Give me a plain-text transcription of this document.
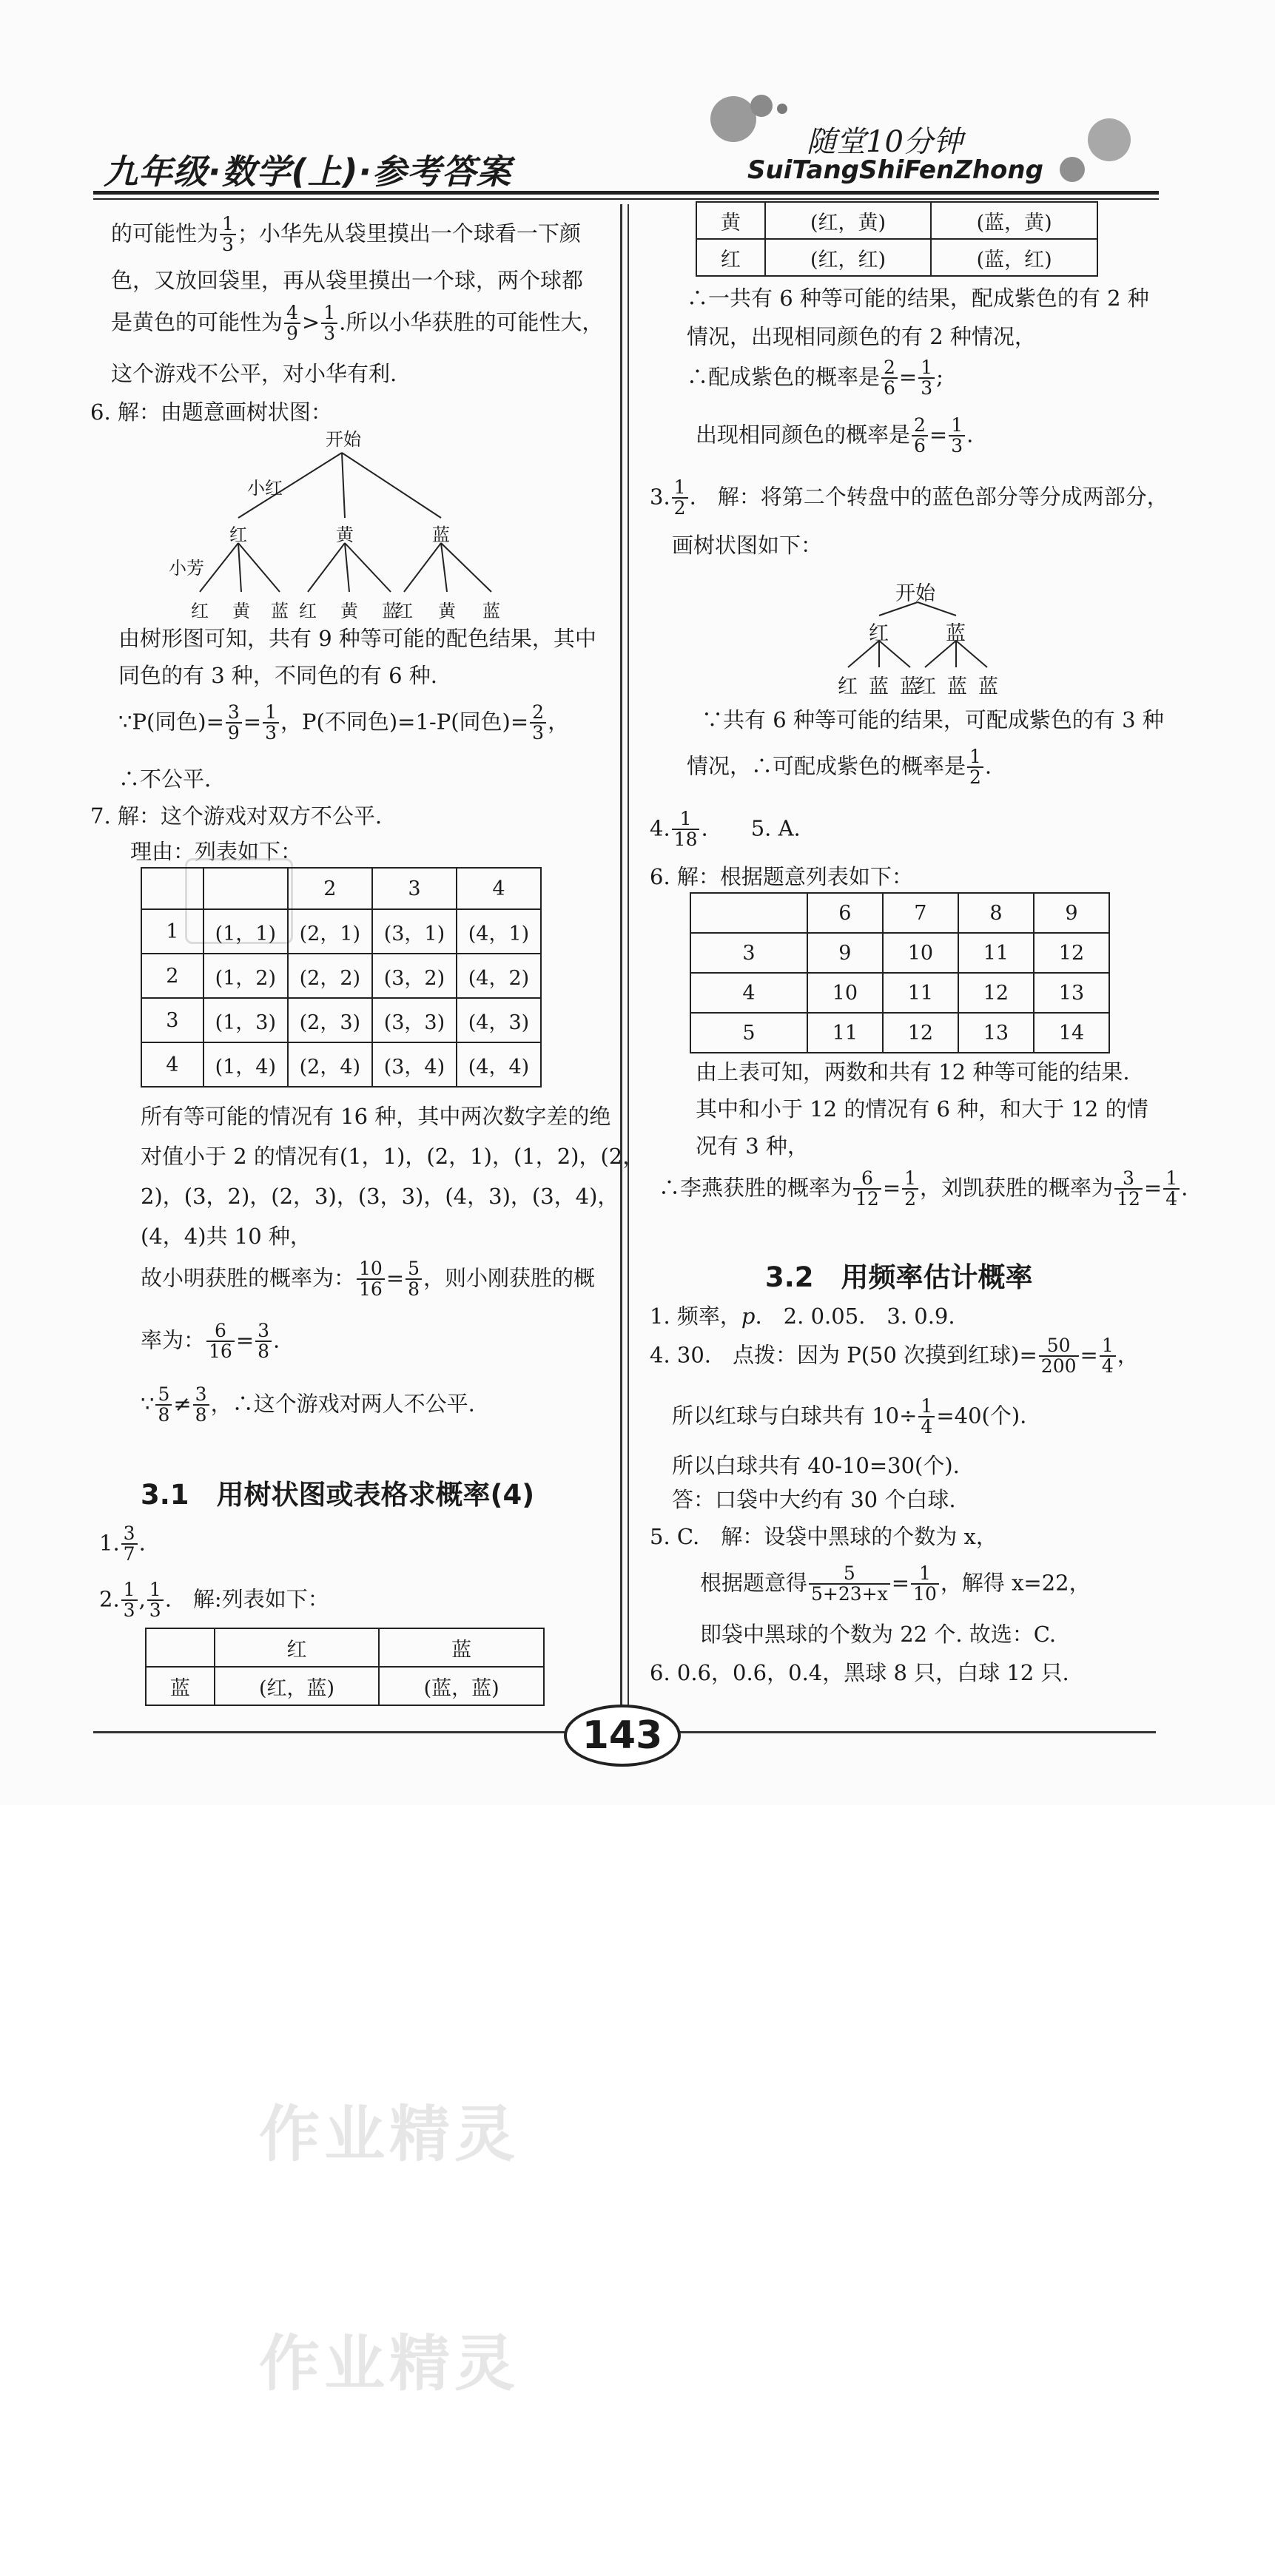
九年级·数学(上)·参考答案
随堂10分钟
SuiTangShiFenZhong
的可能性为 $\frac{1}{3}$ ；小华先从袋里摸出一个球看一下颜
色，又放回袋里，再从袋里摸出一个球，两个球都
是黄色的可能性为 $\frac{4}{9} > \frac{1}{3}$ .所以小华获胜的可能性大，
这个游戏不公平，对小华有利.
6. 解：由题意画树状图：
开始
小红
小芳
红	黄	蓝
红 黄 蓝 红 黄 蓝
红 黄 蓝
由树形图可知，共有 9 种等可能的配色结果，其中
同色的有 3 种，不同色的有 6 种.
∵P(同色)= $\frac{3}{9} = \frac{1}{3}$ ，P(不同色)=1-P(同色)= $\frac{2}{3}$ ，
∴不公平.
7. 解：这个游戏对双方不公平.
理由：列表如下：
		2	3	4
1	(1，1)	(2，1)	(3，1)	(4，1)
2	(1，2)	(2，2)	(3，2)	(4，2)
3	(1，3)	(2，3)	(3，3)	(4，3)
4	(1，4)	(2，4)	(3，4)	(4，4)
所有等可能的情况有 16 种，其中两次数字差的绝
对值小于 2 的情况有(1，1)，(2，1)，(1，2)，(2，
2)，(3，2)，(2，3)，(3，3)，(4，3)，(3，4)，
(4，4)共 10 种，
故小明获胜的概率为： $\frac{10}{16} = \frac{5}{8}$ ，则小刚获胜的概
率为： $\frac{6}{16} = \frac{3}{8}$ .
∵ $\frac{5}{8} \ne \frac{3}{8}$ ，∴这个游戏对两人不公平.
3.1　用树状图或表格求概率(4)
1. $\frac{3}{7}$ .
2. $\frac{1}{3}$ , $\frac{1}{3}$ .　解:列表如下：
	红	蓝
蓝	(红，蓝)	(蓝，蓝)
黄	(红，黄)	(蓝，黄)
红	(红，红)	(蓝，红)
∴一共有 6 种等可能的结果，配成紫色的有 2 种
情况，出现相同颜色的有 2 种情况，
∴配成紫色的概率是 $\frac{2}{6} = \frac{1}{3}$ ;
出现相同颜色的概率是 $\frac{2}{6} = \frac{1}{3}$ .
3. $\frac{1}{2}$ .　解：将第二个转盘中的蓝色部分等分成两部分，
画树状图如下：
开始
红	蓝
红 蓝 蓝
红 蓝 蓝
∵共有 6 种等可能的结果，可配成紫色的有 3 种
情况，∴可配成紫色的概率是 $\frac{1}{2}$ .
4. $\frac{1}{18}$ .　　5. A.
6. 解：根据题意列表如下：
	6	7	8	9
3	9	10	11	12
4	10	11	12	13
5	11	12	13	14
由上表可知，两数和共有 12 种等可能的结果.
其中和小于 12 的情况有 6 种，和大于 12 的情
况有 3 种，
∴李燕获胜的概率为 $\frac{6}{12} = \frac{1}{2}$ ，刘凯获胜的概率为 $\frac{3}{12} = \frac{1}{4}$ .
3.2　用频率估计概率
1. 频率，p.　2. 0.05.　3. 0.9.
4. 30.　点拨：因为 P(50 次摸到红球)= $\frac{50}{200} = \frac{1}{4}$ ，
所以红球与白球共有 $10\div \frac{1}{4} =40$(个).
所以白球共有 40-10=30(个).
答：口袋中大约有 30 个白球.
5. C.　解：设袋中黑球的个数为 x，
根据题意得 $\frac{5}{5+23+x} = \frac{1}{10}$ ，解得 x=22，
即袋中黑球的个数为 22 个. 故选：C.
6. 0.6，0.6，0.4，黑球 8 只，白球 12 只.
143
作业精灵
作业精灵
